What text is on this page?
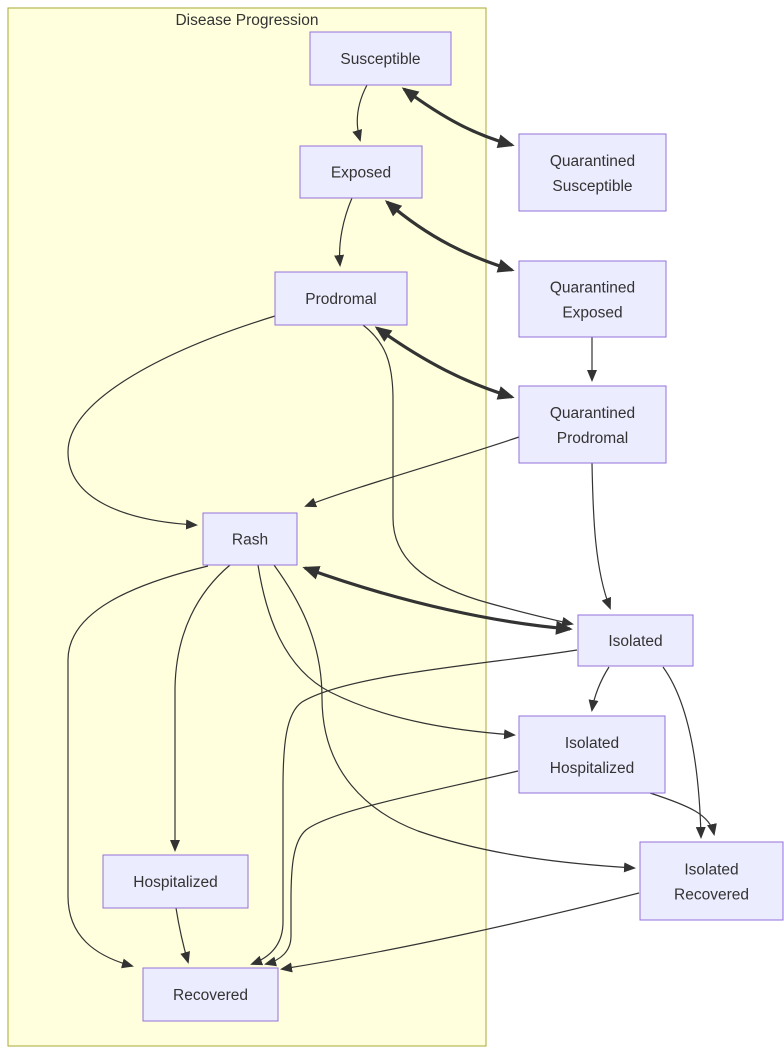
Disease Progression
Susceptible
Exposed
Quarantined Susceptible
Prodromal
Quarantined Exposed
Quarantined Prodromal
Rash
Isolated
Isolated Hospitalized
Hospitalized
Isolated Recovered
Recovered
